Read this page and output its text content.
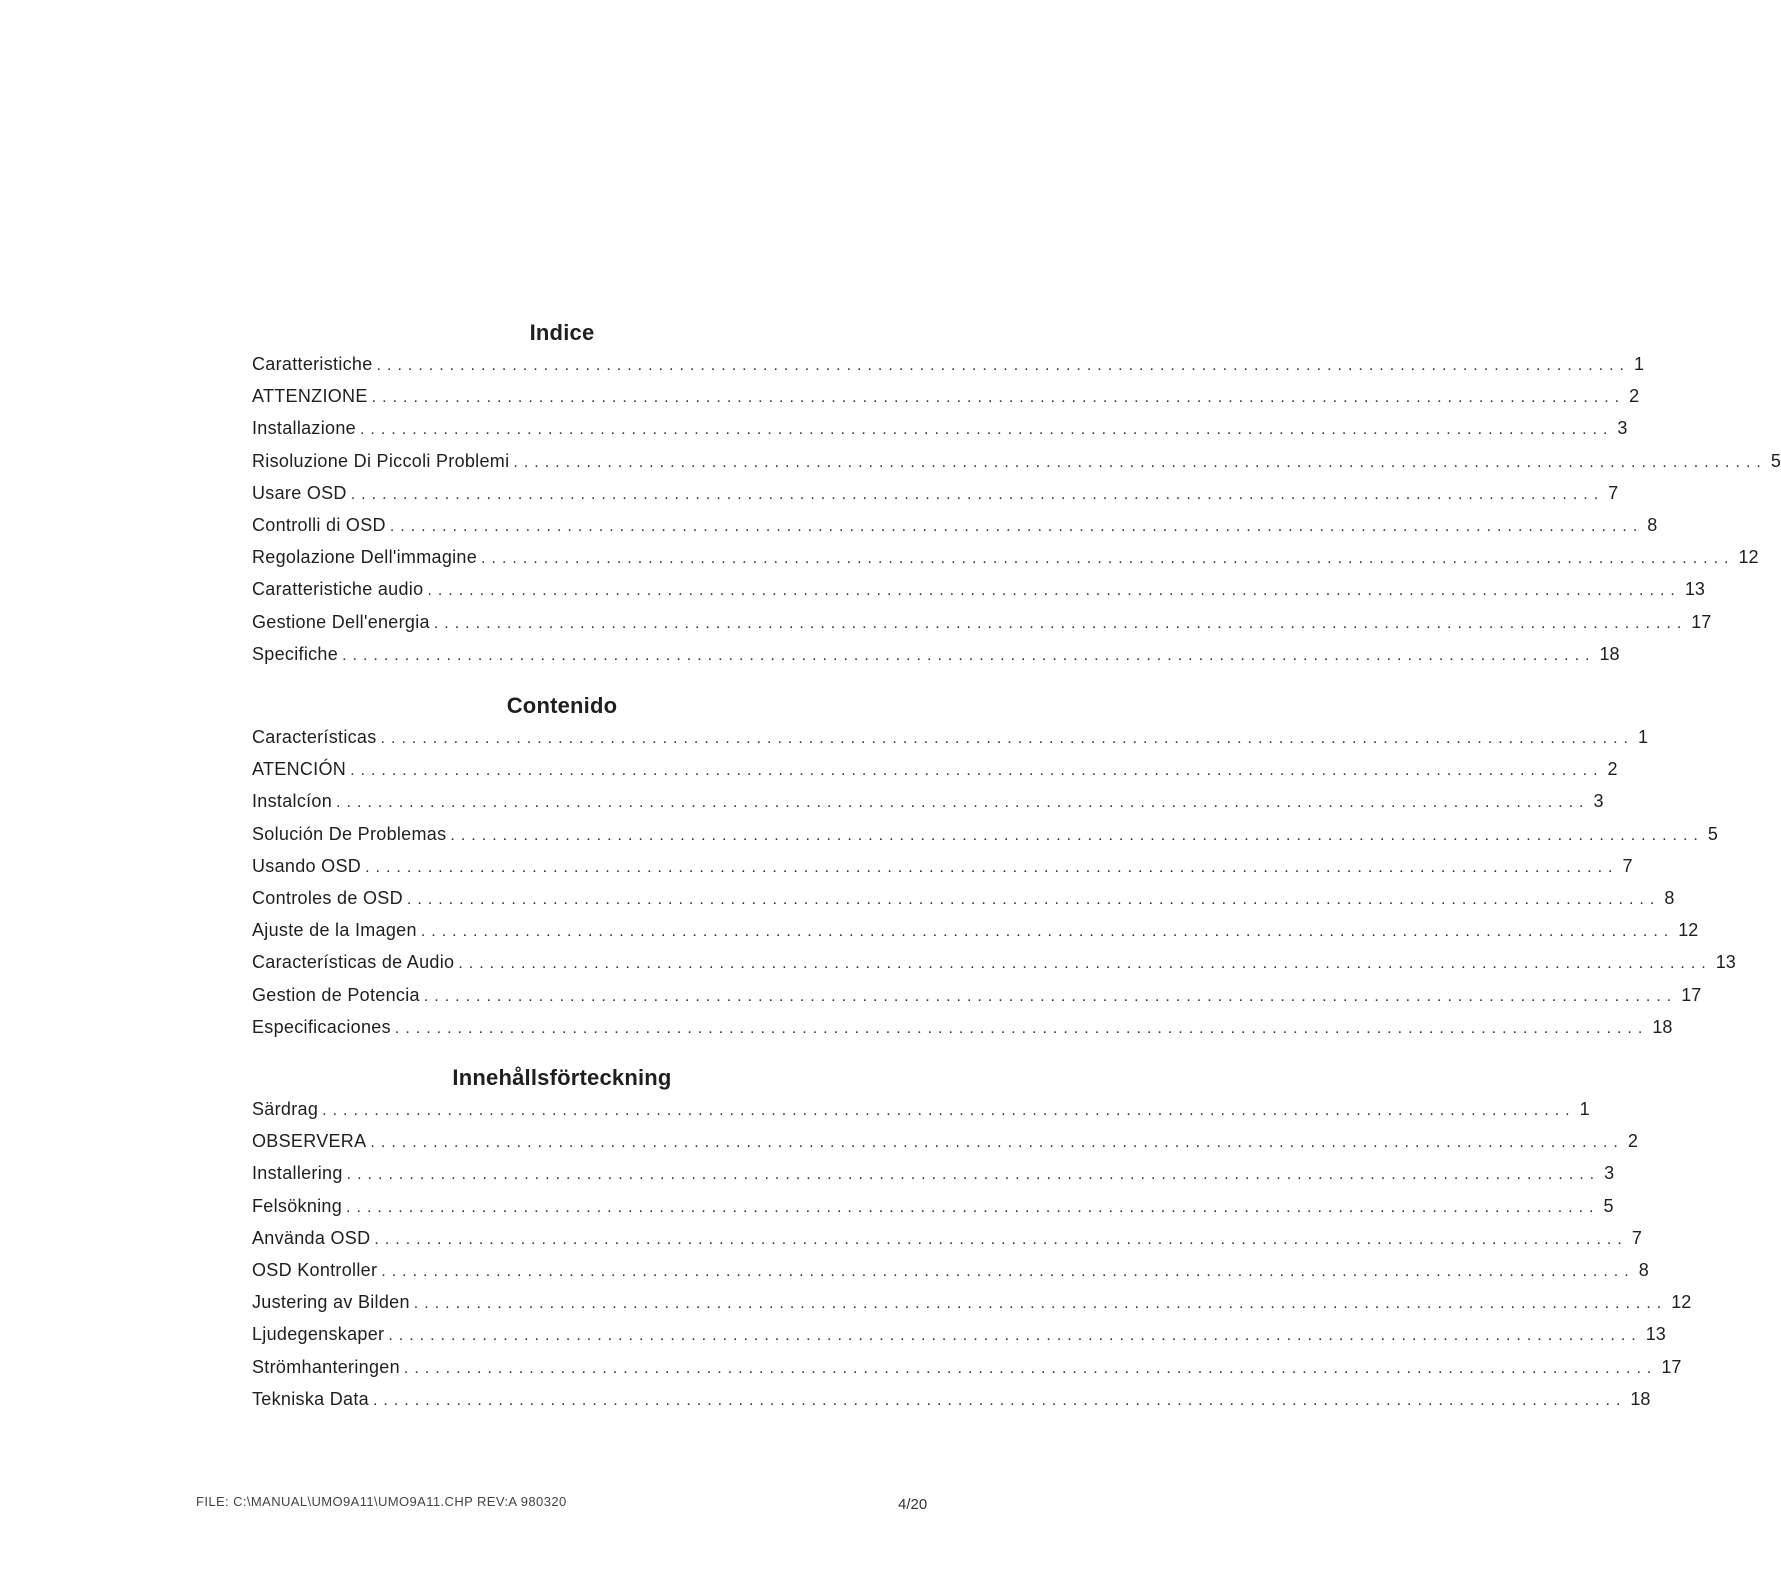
Indice
Caratteristiche ........................................................................................................................ 1
ATTENZIONE ........................................................................................................................ 2
Installazione ........................................................................................................................ 3
Risoluzione Di Piccoli Problemi ........................................................................................................................ 5
Usare OSD ........................................................................................................................ 7
Controlli di OSD ........................................................................................................................ 8
Regolazione Dell'immagine ........................................................................................................................ 12
Caratteristiche audio ........................................................................................................................ 13
Gestione Dell'energia ........................................................................................................................ 17
Specifiche ........................................................................................................................ 18
Contenido
Características ........................................................................................................................ 1
ATENCIÓN ........................................................................................................................ 2
Instalcíon ........................................................................................................................ 3
Solución De Problemas ........................................................................................................................ 5
Usando OSD ........................................................................................................................ 7
Controles de OSD ........................................................................................................................ 8
Ajuste de la Imagen ........................................................................................................................ 12
Características de Audio ........................................................................................................................ 13
Gestion de Potencia ........................................................................................................................ 17
Especificaciones ........................................................................................................................ 18
Innehållsförteckning
Särdrag ........................................................................................................................ 1
OBSERVERA ........................................................................................................................ 2
Installering ........................................................................................................................ 3
Felsökning ........................................................................................................................ 5
Använda OSD ........................................................................................................................ 7
OSD Kontroller ........................................................................................................................ 8
Justering av Bilden ........................................................................................................................ 12
Ljudegenskaper ........................................................................................................................ 13
Strömhanteringen ........................................................................................................................ 17
Tekniska Data ........................................................................................................................ 18
FILE: C:\MANUAL\UMO9A11\UMO9A11.CHP REV:A 980320	4/20
